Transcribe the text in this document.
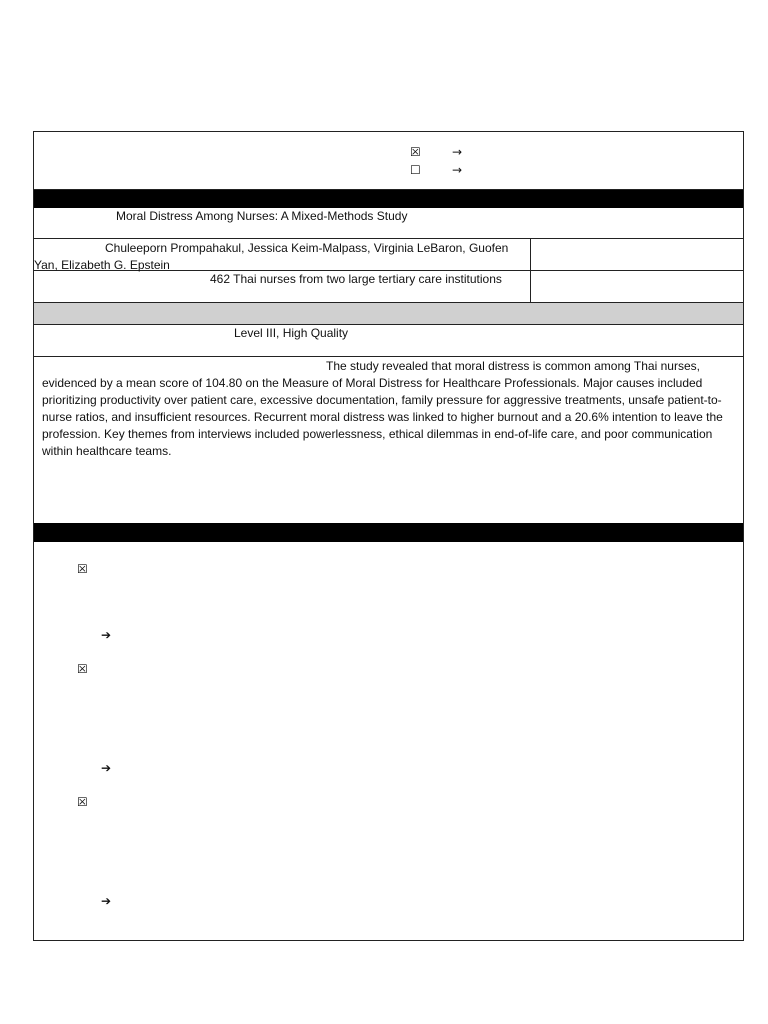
☒	→
☐	→
Moral Distress Among Nurses: A Mixed-Methods Study
Chuleeporn Prompahakul, Jessica Keim-Malpass, Virginia LeBaron, Guofen Yan, Elizabeth G. Epstein
462 Thai nurses from two large tertiary care institutions
Level III, High Quality
The study revealed that moral distress is common among Thai nurses, evidenced by a mean score of 104.80 on the Measure of Moral Distress for Healthcare Professionals. Major causes included prioritizing productivity over patient care, excessive documentation, family pressure for aggressive treatments, unsafe patient-to-nurse ratios, and insufficient resources. Recurrent moral distress was linked to higher burnout and a 20.6% intention to leave the profession. Key themes from interviews included powerlessness, ethical dilemmas in end-of-life care, and poor communication within healthcare teams.
☒
➔
☒
➔
☒
➔
